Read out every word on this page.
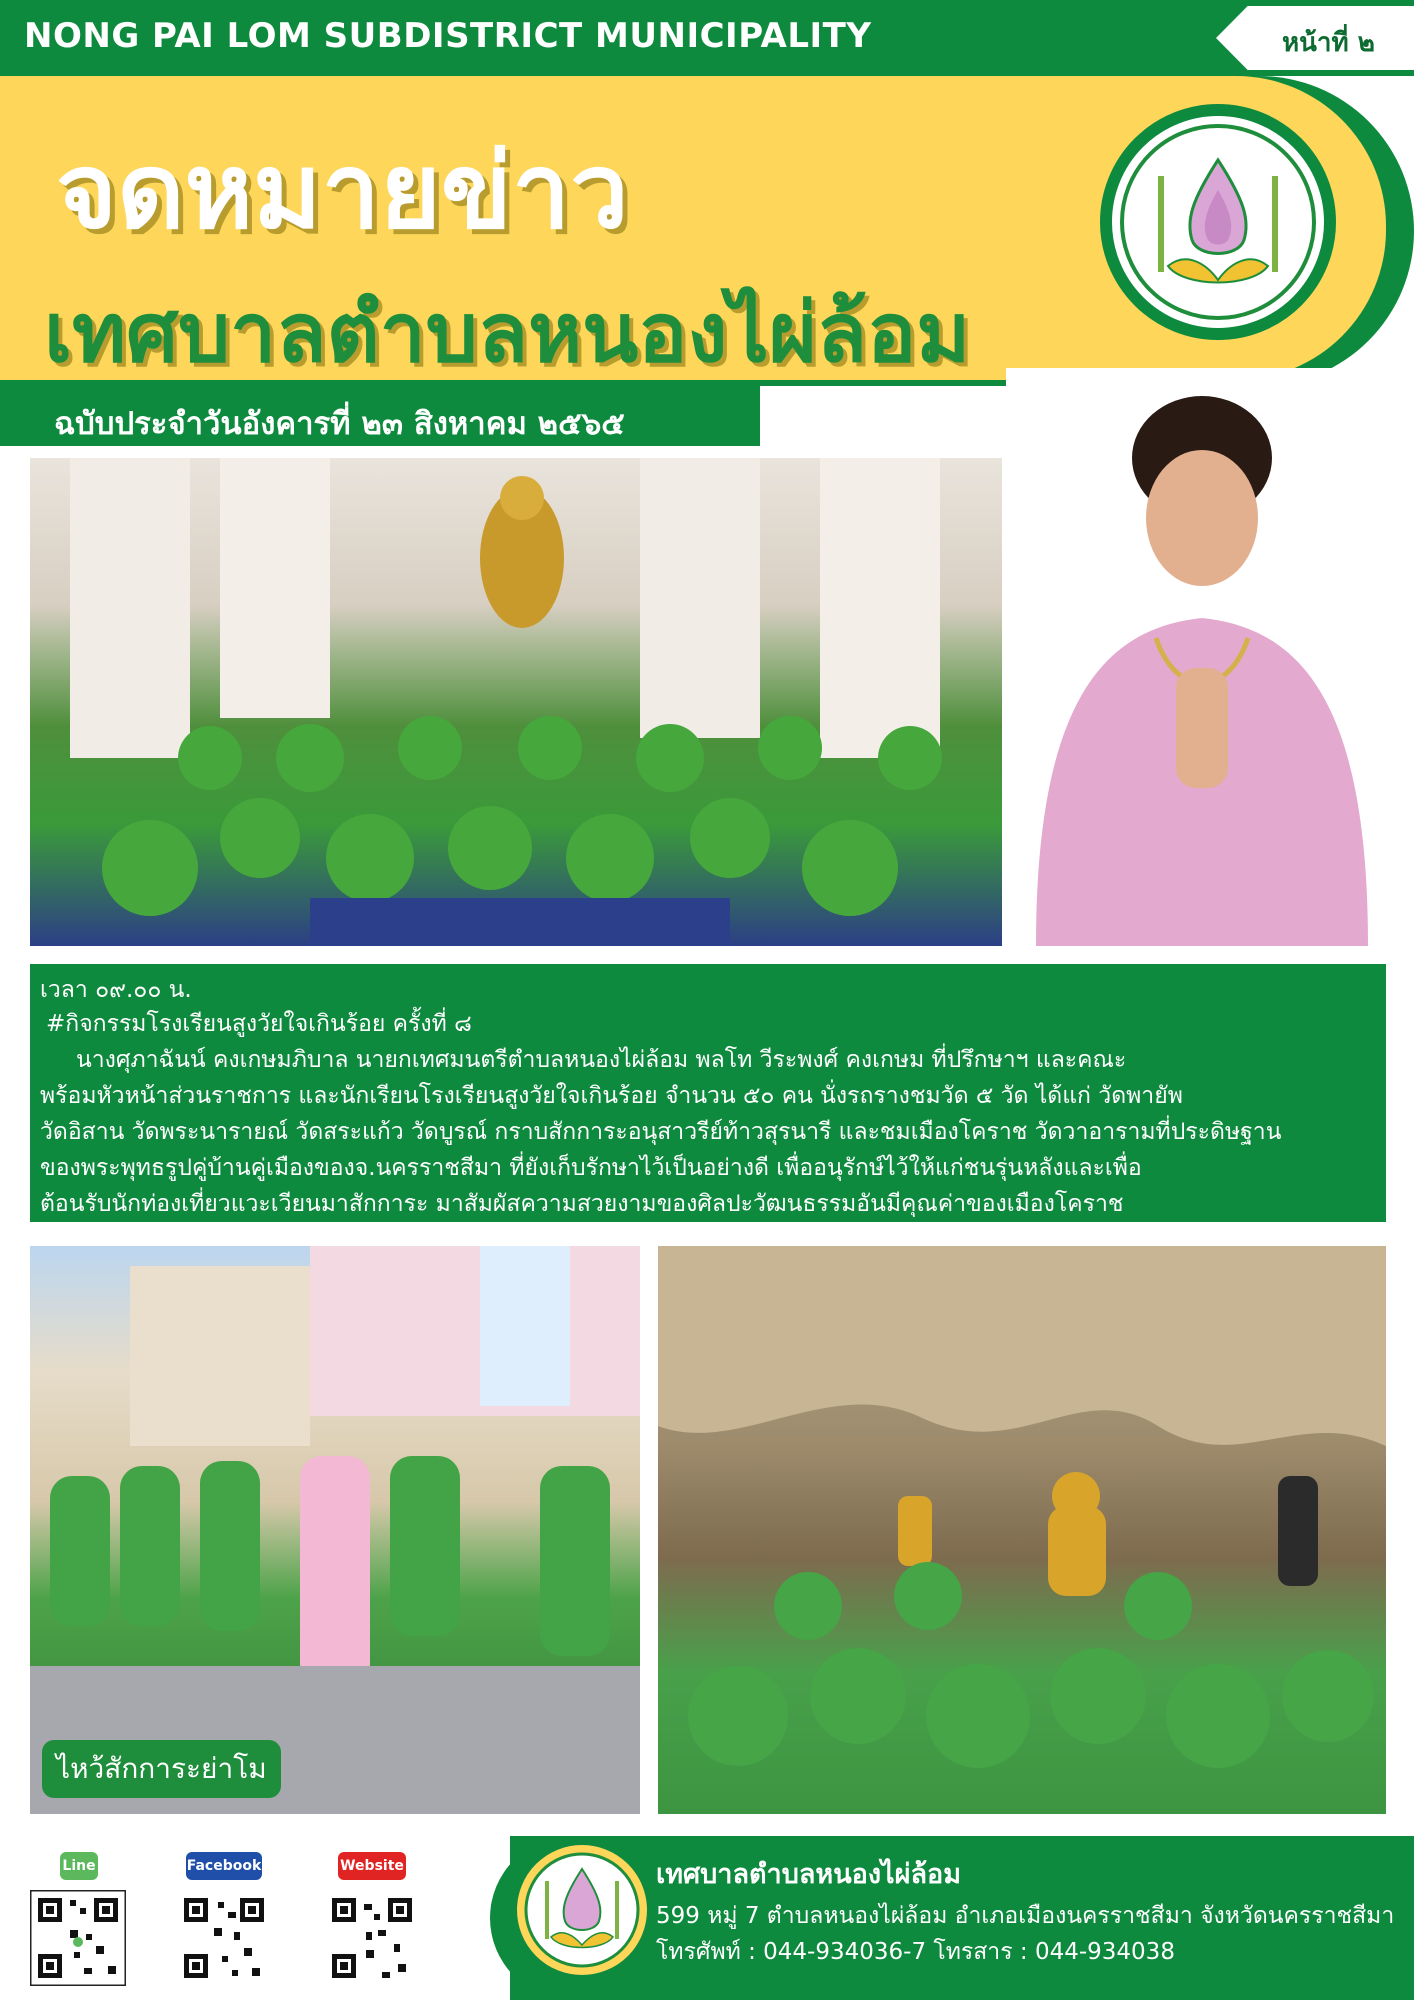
NONG PAI LOM SUBDISTRICT MUNICIPALITY	หน้าที่ ๒
จดหมายข่าว
เทศบาลตำบลหนองไผ่ล้อม
ฉบับประจำวันอังคารที่ ๒๓ สิงหาคม ๒๕๖๕
เวลา ๐๙.๐๐ น.
#กิจกรรมโรงเรียนสูงวัยใจเกินร้อย ครั้งที่ ๘
นางศุภาฉันน์ คงเกษมภิบาล นายกเทศมนตรีตำบลหนองไผ่ล้อม พลโท วีระพงศ์ คงเกษม ที่ปรึกษาฯ และคณะ
พร้อมหัวหน้าส่วนราชการ และนักเรียนโรงเรียนสูงวัยใจเกินร้อย จำนวน ๕๐ คน นั่งรถรางชมวัด ๕ วัด ได้แก่ วัดพายัพ
วัดอิสาน วัดพระนารายณ์ วัดสระแก้ว วัดบูรณ์ กราบสักการะอนุสาวรีย์ท้าวสุรนารี และชมเมืองโคราช วัดวาอารามที่ประดิษฐาน
ของพระพุทธรูปคู่บ้านคู่เมืองของจ.นครราชสีมา ที่ยังเก็บรักษาไว้เป็นอย่างดี เพื่ออนุรักษ์ไว้ให้แก่ชนรุ่นหลังและเพื่อ
ต้อนรับนักท่องเที่ยวแวะเวียนมาสักการะ มาสัมผัสความสวยงามของศิลปะวัฒนธรรมอันมีคุณค่าของเมืองโคราช
ไหว้สักการะย่าโม
Line	Facebook	Website	เทศบาลตำบลหนองไผ่ล้อม
599 หมู่ 7 ตำบลหนองไผ่ล้อม อำเภอเมืองนครราชสีมา จังหวัดนครราชสีมา
โทรศัพท์ : 044-934036-7 โทรสาร : 044-934038
